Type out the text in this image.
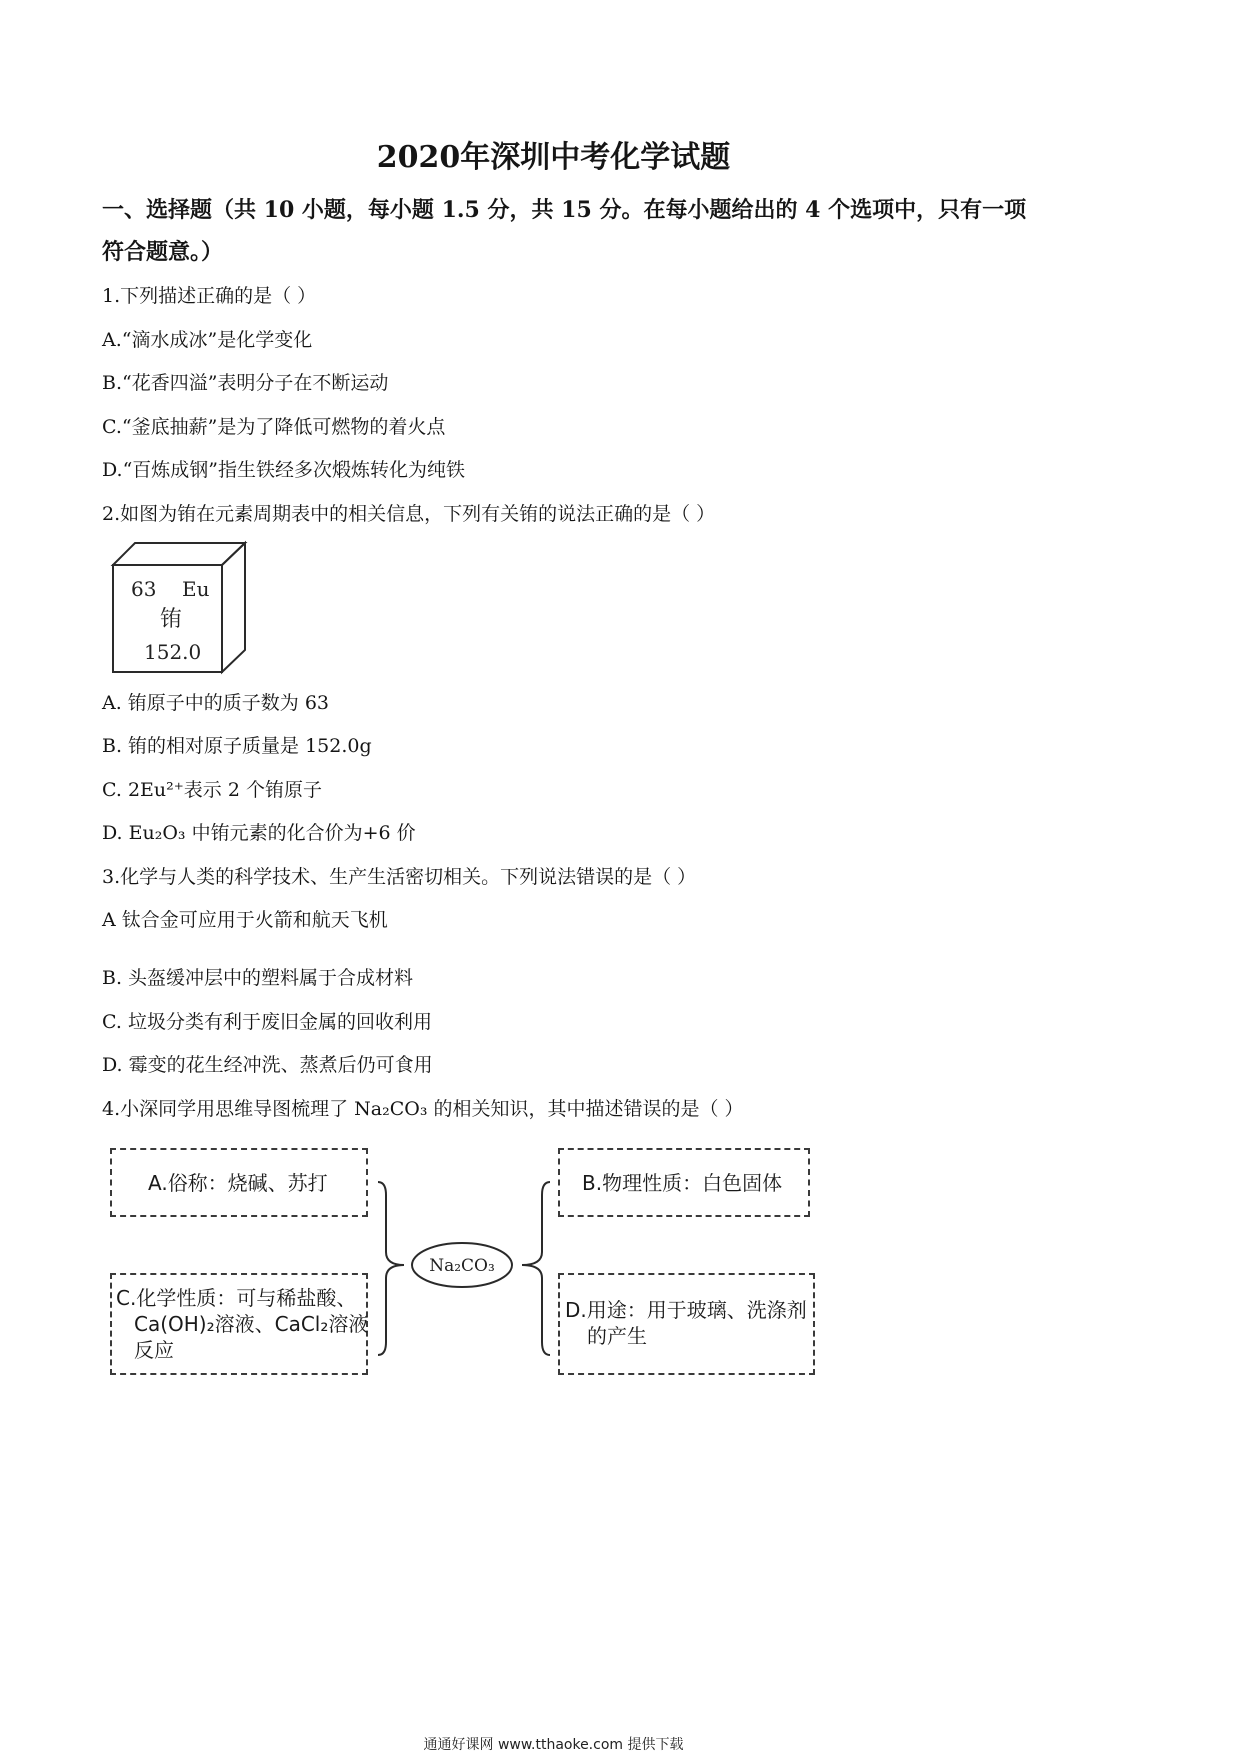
2020年深圳中考化学试题
一、选择题（共 10 小题，每小题 1.5 分，共 15 分。在每小题给出的 4 个选项中，只有一项
符合题意。）
1.下列描述正确的是（ ）
A.“滴水成冰”是化学变化
B.“花香四溢”表明分子在不断运动
C.“釜底抽薪”是为了降低可燃物的着火点
D.“百炼成钢”指生铁经多次煅炼转化为纯铁
2.如图为铕在元素周期表中的相关信息，下列有关铕的说法正确的是（ ）
63 Eu
铕
152.0
A. 铕原子中的质子数为 63
B. 铕的相对原子质量是 152.0g
C. 2Eu²⁺表示 2 个铕原子
D. Eu₂O₃ 中铕元素的化合价为+6 价
3.化学与人类的科学技术、生产生活密切相关。下列说法错误的是（ ）
A 钛合金可应用于火箭和航天飞机
B. 头盔缓冲层中的塑料属于合成材料
C. 垃圾分类有利于废旧金属的回收利用
D. 霉变的花生经冲洗、蒸煮后仍可食用
4.小深同学用思维导图梳理了 Na₂CO₃ 的相关知识，其中描述错误的是（ ）
Na₂CO₃
A.俗称：烧碱、苏打	B.物理性质：白色固体
C.化学性质：可与稀盐酸、
Ca(OH)₂溶液、CaCl₂溶液
反应
D.用途：用于玻璃、洗涤剂
的产生
通通好课网 www.tthaoke.com 提供下载
